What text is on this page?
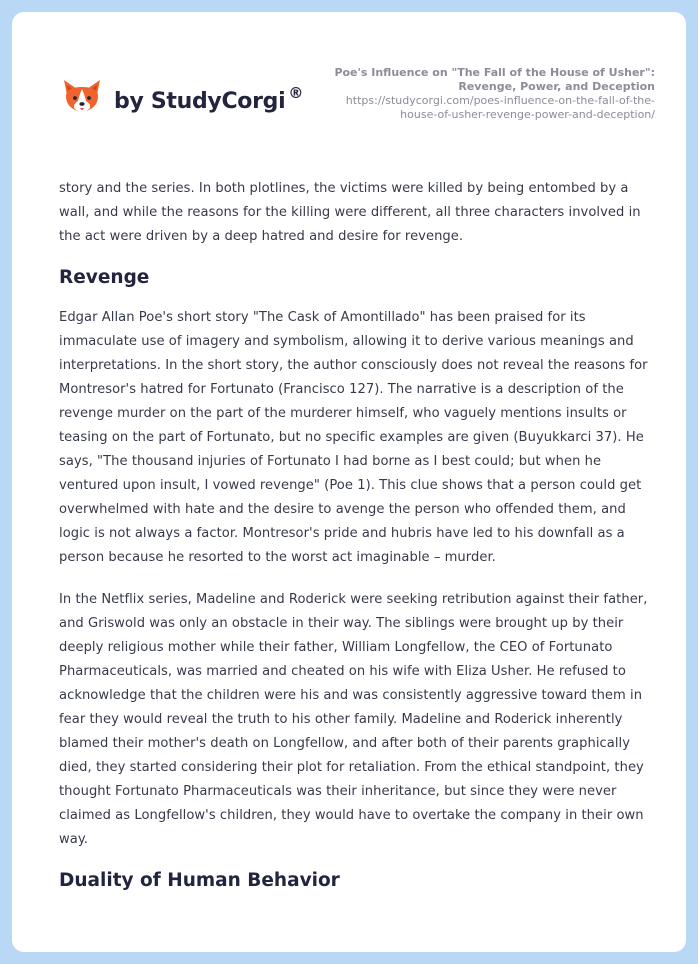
by StudyCorgi ®
Poe's Influence on "The Fall of the House of Usher": Revenge, Power, and Deception
https://studycorgi.com/poes-influence-on-the-fall-of-the-house-of-usher-revenge-power-and-deception/

story and the series. In both plotlines, the victims were killed by being entombed by a wall, and while the reasons for the killing were different, all three characters involved in the act were driven by a deep hatred and desire for revenge.

Revenge

Edgar Allan Poe's short story "The Cask of Amontillado" has been praised for its immaculate use of imagery and symbolism, allowing it to derive various meanings and interpretations. In the short story, the author consciously does not reveal the reasons for Montresor's hatred for Fortunato (Francisco 127). The narrative is a description of the revenge murder on the part of the murderer himself, who vaguely mentions insults or teasing on the part of Fortunato, but no specific examples are given (Buyukkarci 37). He says, "The thousand injuries of Fortunato I had borne as I best could; but when he ventured upon insult, I vowed revenge" (Poe 1). This clue shows that a person could get overwhelmed with hate and the desire to avenge the person who offended them, and logic is not always a factor. Montresor's pride and hubris have led to his downfall as a person because he resorted to the worst act imaginable – murder.

In the Netflix series, Madeline and Roderick were seeking retribution against their father, and Griswold was only an obstacle in their way. The siblings were brought up by their deeply religious mother while their father, William Longfellow, the CEO of Fortunato Pharmaceuticals, was married and cheated on his wife with Eliza Usher. He refused to acknowledge that the children were his and was consistently aggressive toward them in fear they would reveal the truth to his other family. Madeline and Roderick inherently blamed their mother's death on Longfellow, and after both of their parents graphically died, they started considering their plot for retaliation. From the ethical standpoint, they thought Fortunato Pharmaceuticals was their inheritance, but since they were never claimed as Longfellow's children, they would have to overtake the company in their own way.

Duality of Human Behavior
